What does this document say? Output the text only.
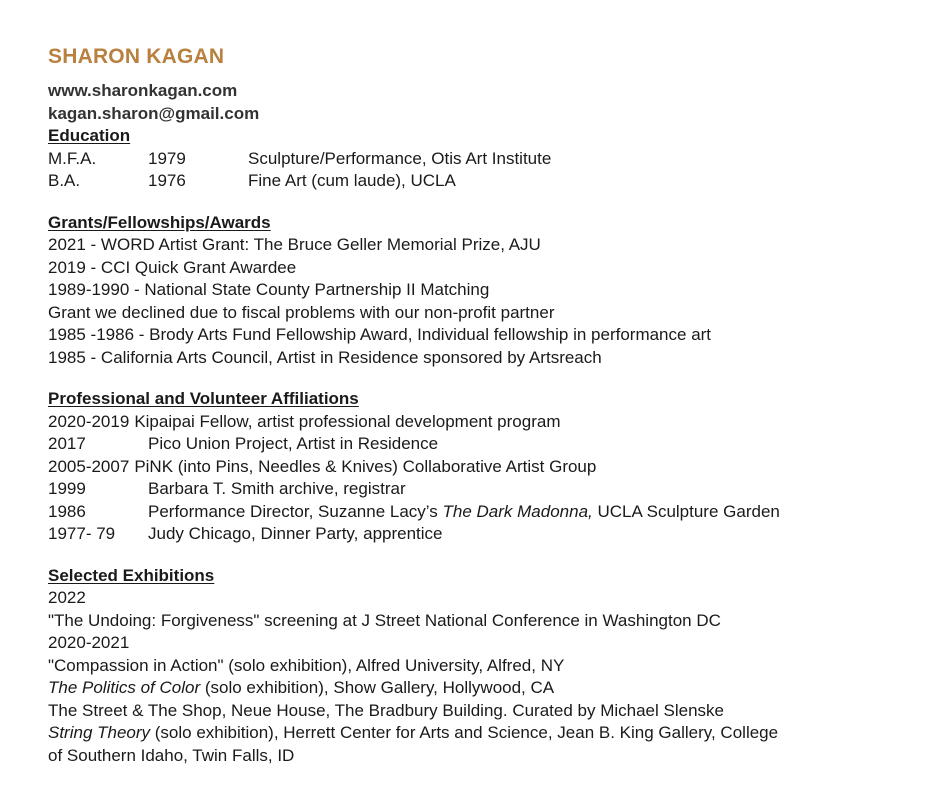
SHARON KAGAN
www.sharonkagan.com
kagan.sharon@gmail.com
Education
M.F.A.	1979	Sculpture/Performance, Otis Art Institute
B.A.	1976	Fine Art (cum laude), UCLA
Grants/Fellowships/Awards
2021 - WORD Artist Grant: The Bruce Geller Memorial Prize, AJU
2019 - CCI Quick Grant Awardee
1989-1990 - National State County Partnership II Matching
Grant we declined due to fiscal problems with our non-profit partner
1985 -1986 - Brody Arts Fund Fellowship Award, Individual fellowship in performance art
1985 - California Arts Council, Artist in Residence sponsored by Artsreach
Professional and Volunteer Affiliations
2020-2019 Kipaipai Fellow, artist professional development program
2017	Pico Union Project, Artist in Residence
2005-2007 PiNK (into Pins, Needles & Knives) Collaborative Artist Group
1999	Barbara T. Smith archive, registrar
1986	Performance Director, Suzanne Lacy’s The Dark Madonna, UCLA Sculpture Garden
1977- 79	Judy Chicago, Dinner Party, apprentice
Selected Exhibitions
2022
"The Undoing: Forgiveness" screening at J Street National Conference in Washington DC
2020-2021
"Compassion in Action" (solo exhibition), Alfred University, Alfred, NY
The Politics of Color (solo exhibition), Show Gallery, Hollywood, CA
The Street & The Shop, Neue House, The Bradbury Building. Curated by Michael Slenske
String Theory (solo exhibition), Herrett Center for Arts and Science, Jean B. King Gallery, College
of Southern Idaho, Twin Falls, ID
